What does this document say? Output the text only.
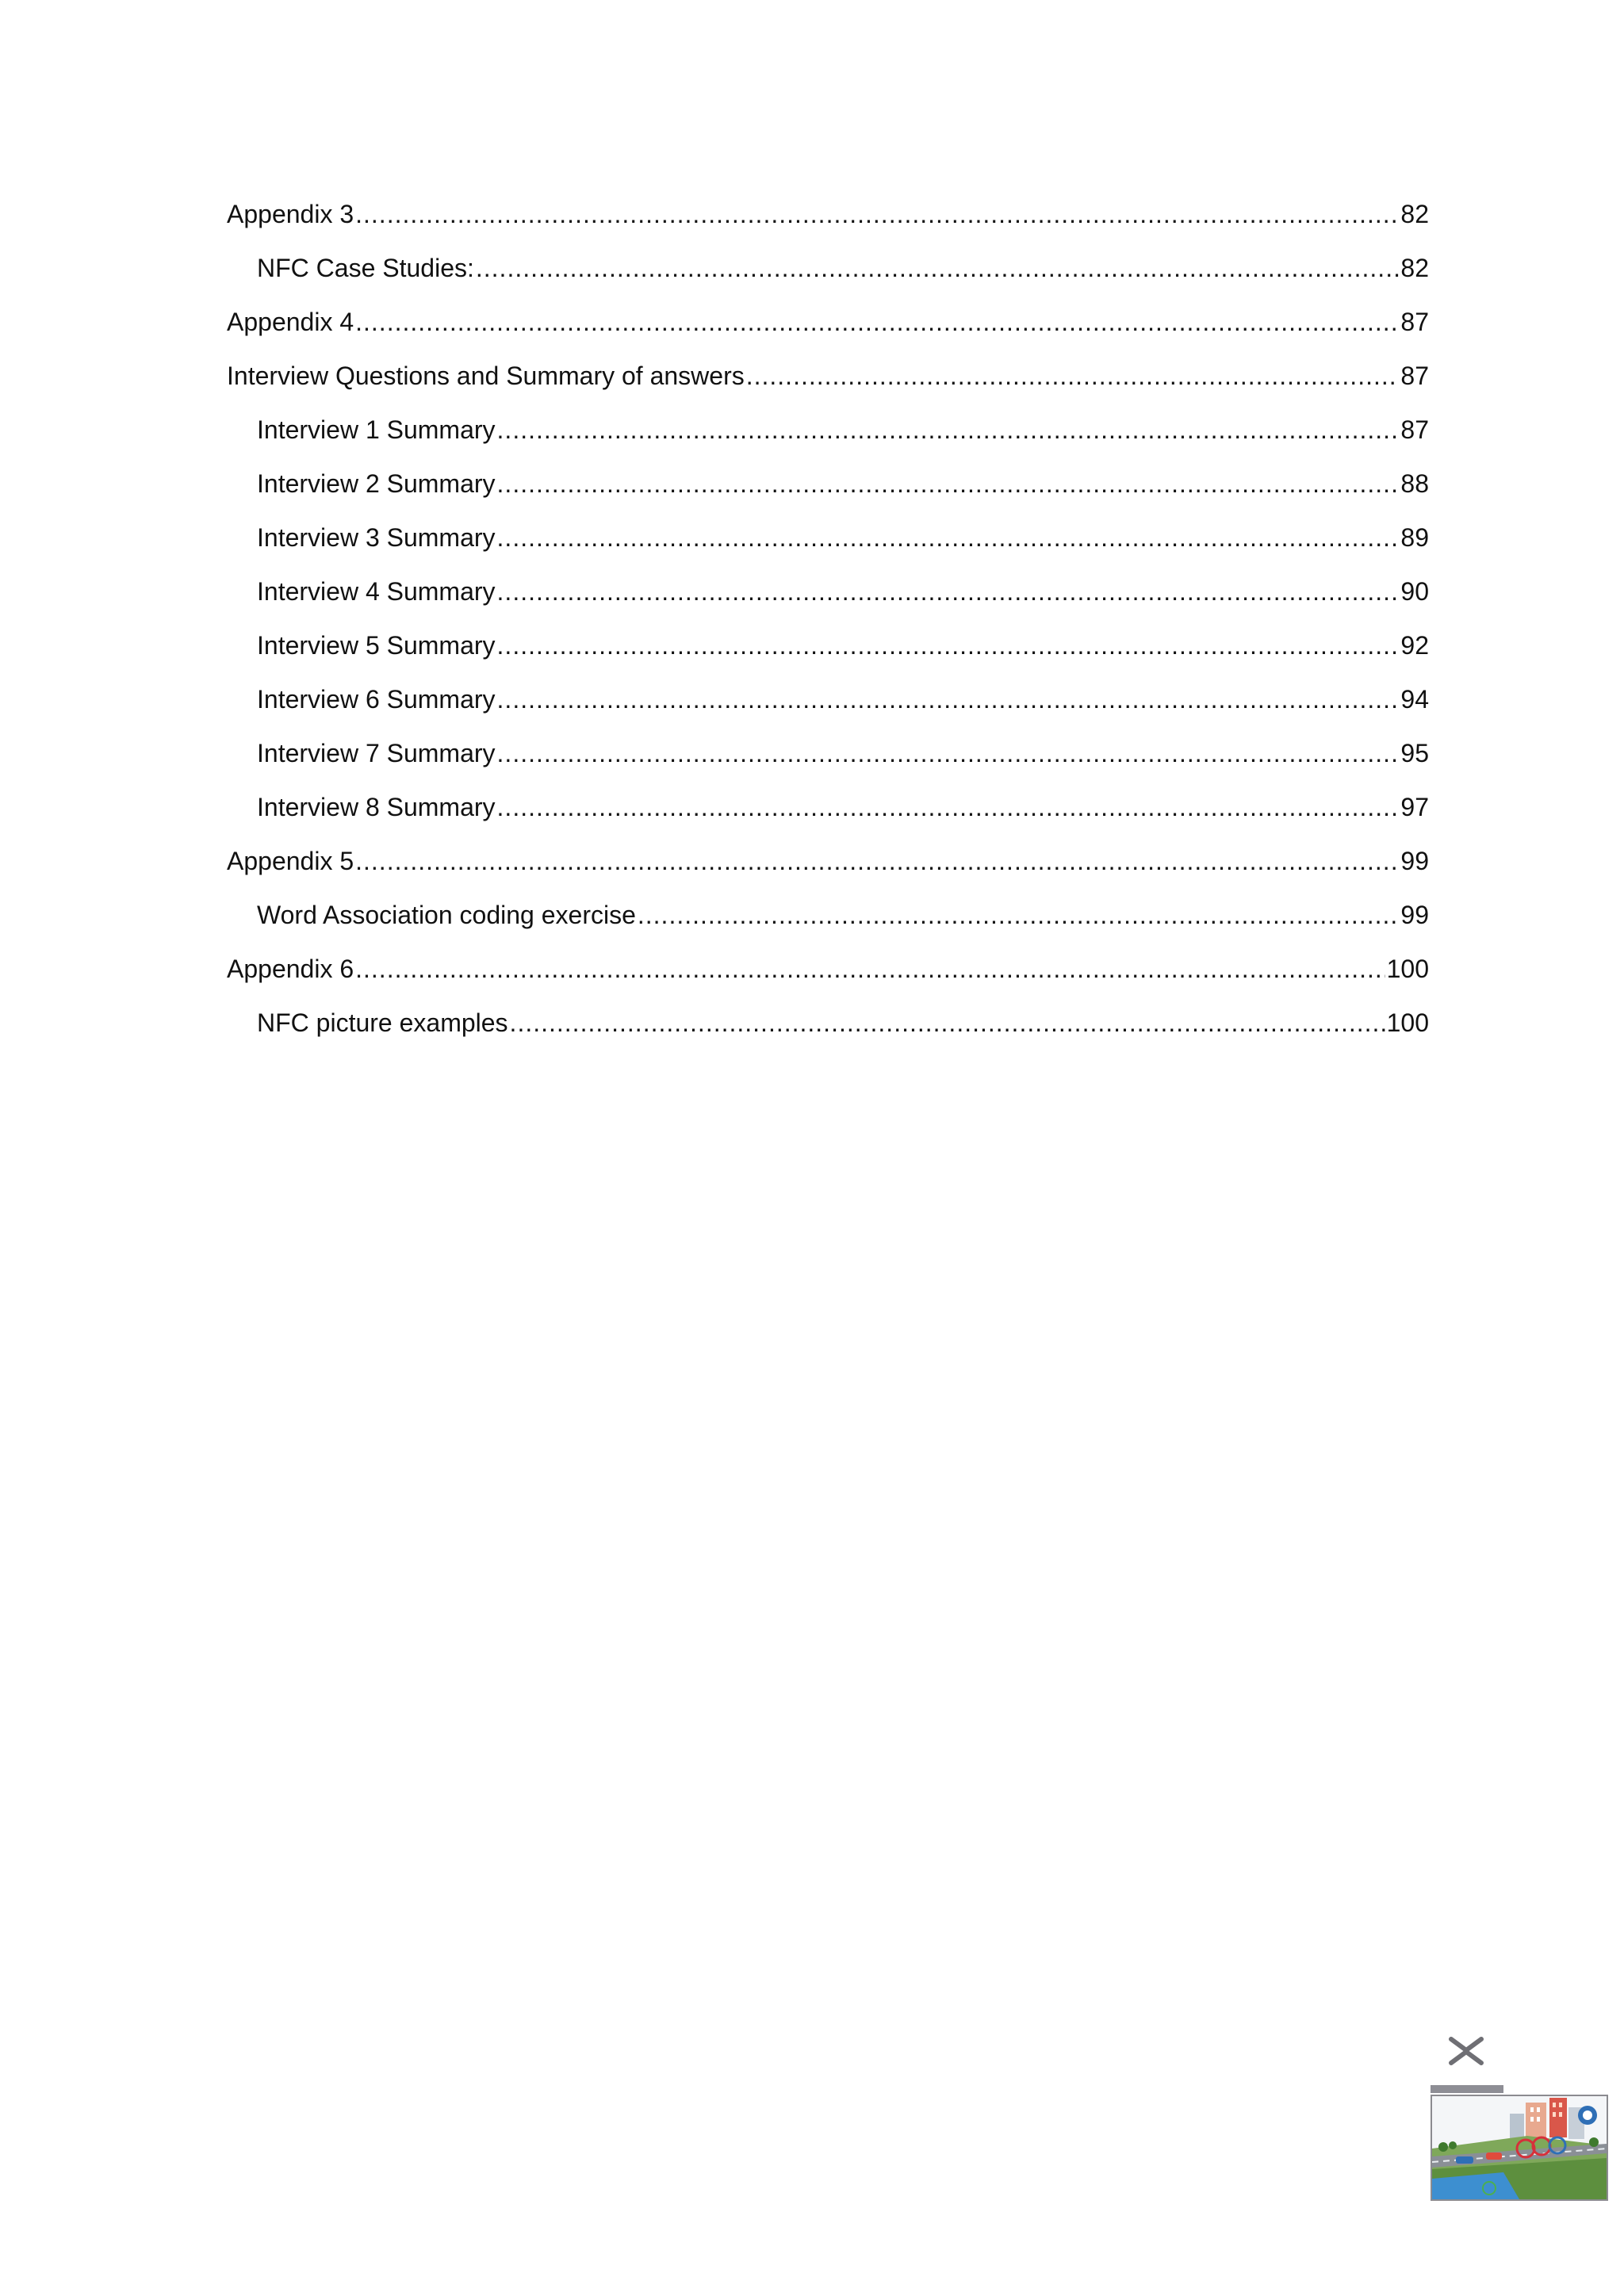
Appendix 3 .....	82
NFC Case Studies: .....	82
Appendix 4 .....	87
Interview Questions and Summary of answers .....	87
Interview 1 Summary .....	87
Interview 2 Summary .....	88
Interview 3 Summary .....	89
Interview 4 Summary .....	90
Interview 5 Summary .....	92
Interview 6 Summary .....	94
Interview 7 Summary .....	95
Interview 8 Summary .....	97
Appendix 5 .....	99
Word Association coding exercise .....	99
Appendix 6 .....	100
NFC picture examples .....	100
